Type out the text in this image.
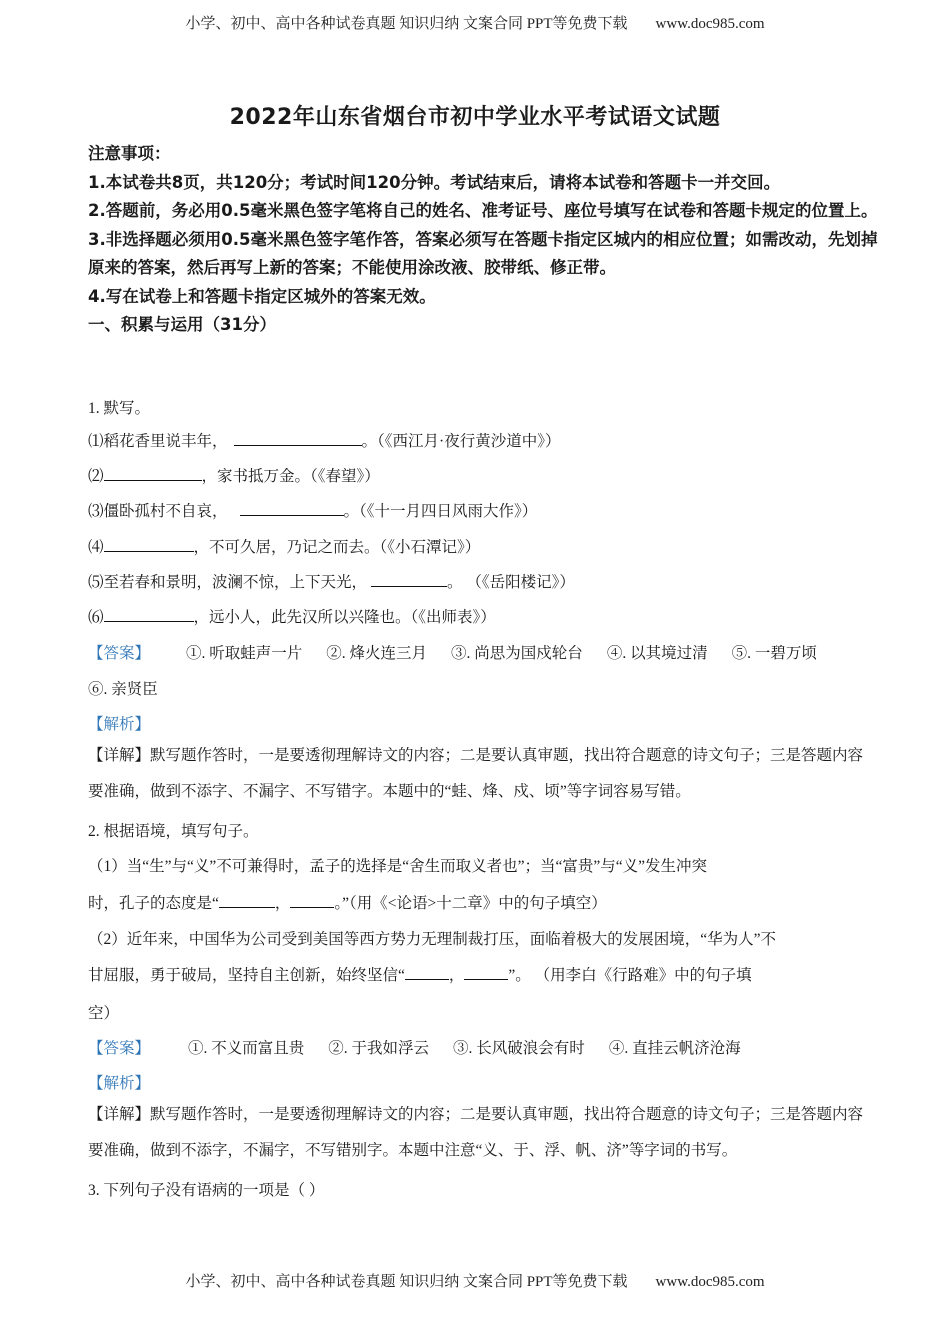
小学、初中、高中各种试卷真题 知识归纳 文案合同 PPT等免费下载 www.doc985.com
2022年山东省烟台市初中学业水平考试语文试题
注意事项：
1.本试卷共8页，共120分；考试时间120分钟。考试结束后，请将本试卷和答题卡一并交回。
2.答题前，务必用0.5毫米黑色签字笔将自己的姓名、准考证号、座位号填写在试卷和答题卡规定的位置上。
3.非选择题必须用0.5毫米黑色签字笔作答，答案必须写在答题卡指定区城内的相应位置；如需改动，先划掉原来的答案，然后再写上新的答案；不能使用涂改液、胶带纸、修正带。
4.写在试卷上和答题卡指定区城外的答案无效。
一、积累与运用（31分）
1. 默写。
⑴稻花香里说丰年，	。（《西江月·夜行黄沙道中》）
⑵	，家书抵万金。（《春望》）
⑶僵卧孤村不自哀，	。（《十一月四日风雨大作》）
⑷	，不可久居，乃记之而去。（《小石潭记》）
⑸至若春和景明，波澜不惊，上下天光，	。 （《岳阳楼记》）
⑹	，远小人，此先汉所以兴隆也。（《出师表》）
【答案】 ①. 听取蛙声一片 ②. 烽火连三月 ③. 尚思为国戍轮台 ④. 以其境过清 ⑤. 一碧万顷
⑥. 亲贤臣
【解析】
【详解】默写题作答时，一是要透彻理解诗文的内容；二是要认真审题，找出符合题意的诗文句子；三是答题内容要准确，做到不添字、不漏字、不写错字。本题中的“蛙、烽、戍、顷”等字词容易写错。
2. 根据语境，填写句子。
（1）当“生”与“义”不可兼得时，孟子的选择是“舍生而取义者也”；当“富贵”与“义”发生冲突
时，孔子的态度是“	，	。”（用《<论语>十二章》中的句子填空）
（2）近年来，中国华为公司受到美国等西方势力无理制裁打压，面临着极大的发展困境，“华为人”不
甘屈服，勇于破局，坚持自主创新，始终坚信“	，	”。 （用李白《行路难》中的句子填
空）
【答案】 ①. 不义而富且贵 ②. 于我如浮云 ③. 长风破浪会有时 ④. 直挂云帆济沧海
【解析】
【详解】默写题作答时，一是要透彻理解诗文的内容；二是要认真审题，找出符合题意的诗文句子；三是答题内容要准确，做到不添字，不漏字，不写错别字。本题中注意“义、于、浮、帆、济”等字词的书写。
3. 下列句子没有语病的一项是（ ）
小学、初中、高中各种试卷真题 知识归纳 文案合同 PPT等免费下载 www.doc985.com
